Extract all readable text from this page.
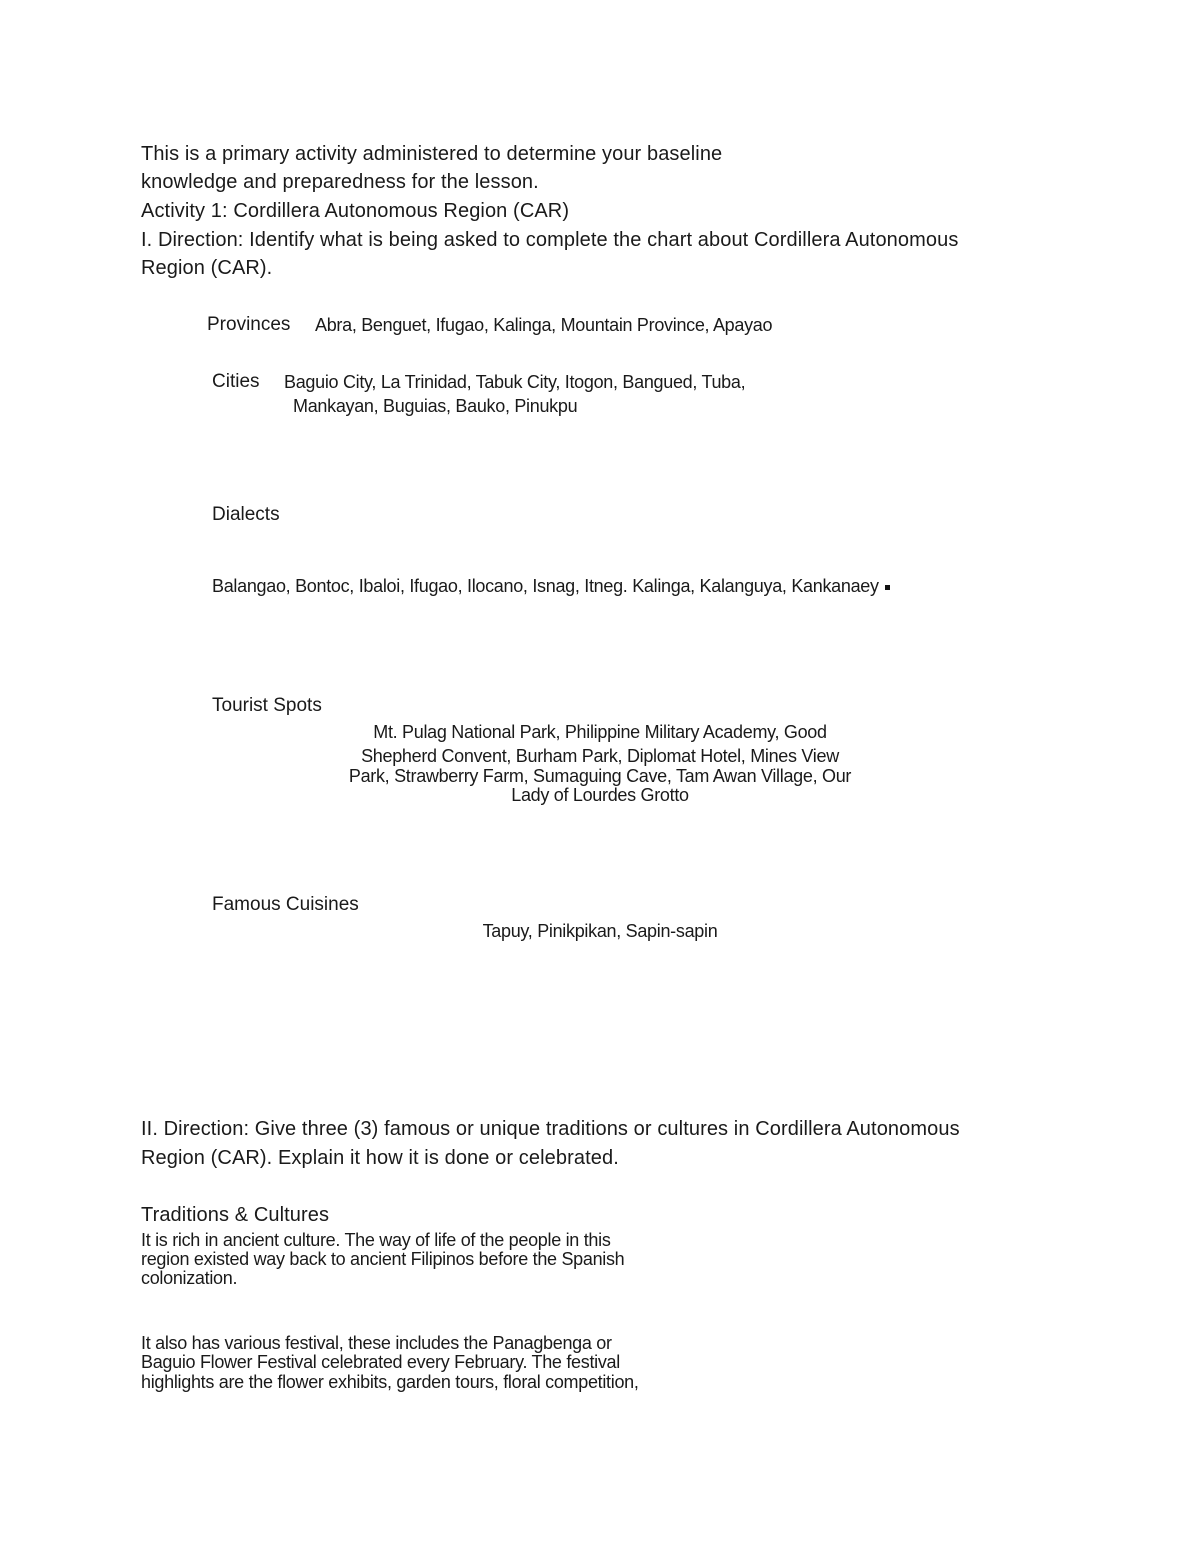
This is a primary activity administered to determine your baseline
knowledge and preparedness for the lesson.
Activity 1: Cordillera Autonomous Region (CAR)
I. Direction: Identify what is being asked to complete the chart about Cordillera Autonomous
Region (CAR).
Provinces Abra, Benguet, Ifugao, Kalinga, Mountain Province, Apayao
Cities Baguio City, La Trinidad, Tabuk City, Itogon, Bangued, Tuba,
Mankayan, Buguias, Bauko, Pinukpu
Dialects
Balangao, Bontoc, Ibaloi, Ifugao, Ilocano, Isnag, Itneg. Kalinga, Kalanguya, Kankanaey
Tourist Spots
Mt. Pulag National Park, Philippine Military Academy, Good
Shepherd Convent, Burham Park, Diplomat Hotel, Mines View
Park, Strawberry Farm, Sumaguing Cave, Tam Awan Village, Our
Lady of Lourdes Grotto
Famous Cuisines
Tapuy, Pinikpikan, Sapin-sapin
II. Direction: Give three (3) famous or unique traditions or cultures in Cordillera Autonomous
Region (CAR). Explain it how it is done or celebrated.
Traditions & Cultures
It is rich in ancient culture. The way of life of the people in this
region existed way back to ancient Filipinos before the Spanish
colonization.
It also has various festival, these includes the Panagbenga or
Baguio Flower Festival celebrated every February. The festival
highlights are the flower exhibits, garden tours, floral competition,
